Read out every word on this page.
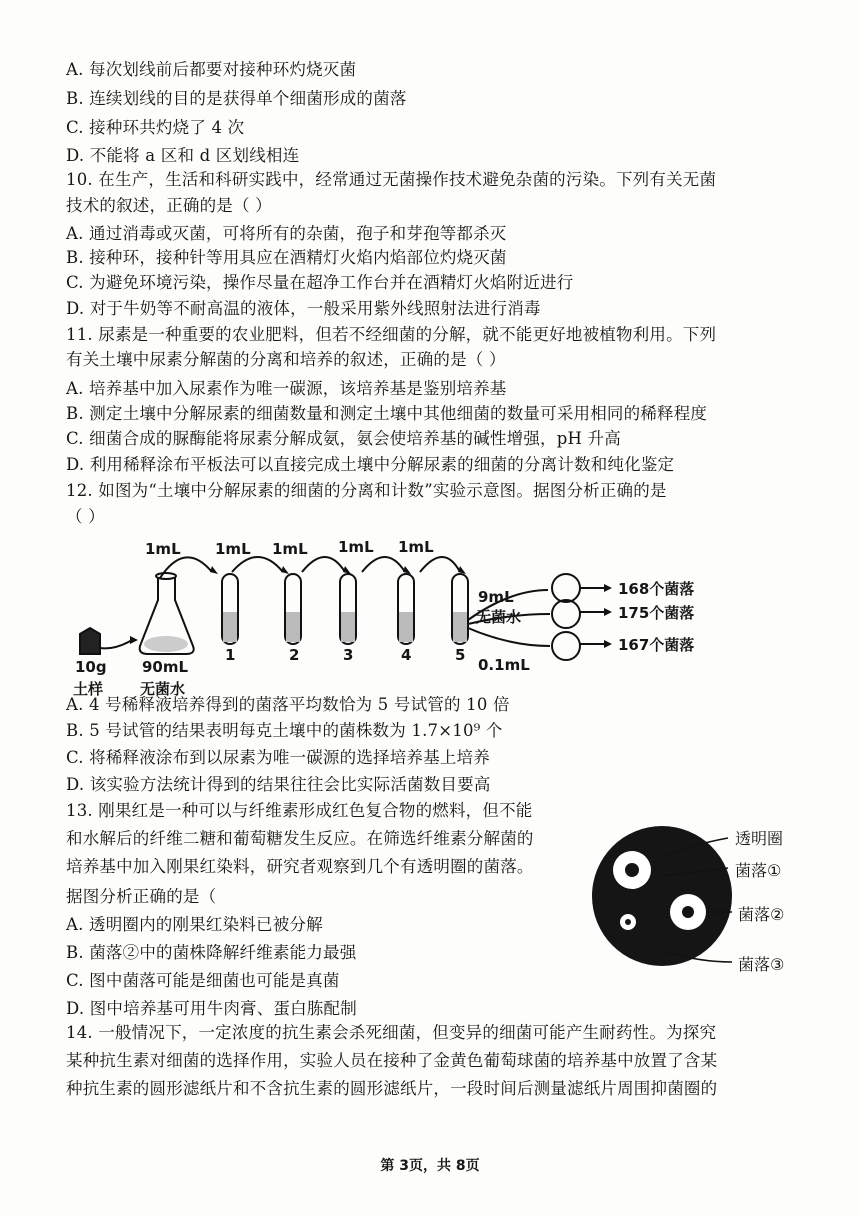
A. 每次划线前后都要对接种环灼烧灭菌
B. 连续划线的目的是获得单个细菌形成的菌落
C. 接种环共灼烧了 4 次
D. 不能将 a 区和 d 区划线相连
10. 在生产，生活和科研实践中，经常通过无菌操作技术避免杂菌的污染。下列有关无菌
技术的叙述，正确的是（ ）
A. 通过消毒或灭菌，可将所有的杂菌，孢子和芽孢等都杀灭
B. 接种环，接种针等用具应在酒精灯火焰内焰部位灼烧灭菌
C. 为避免环境污染，操作尽量在超净工作台并在酒精灯火焰附近进行
D. 对于牛奶等不耐高温的液体，一般采用紫外线照射法进行消毒
11. 尿素是一种重要的农业肥料，但若不经细菌的分解，就不能更好地被植物利用。下列
有关土壤中尿素分解菌的分离和培养的叙述，正确的是（ ）
A. 培养基中加入尿素作为唯一碳源，该培养基是鉴别培养基
B. 测定土壤中分解尿素的细菌数量和测定土壤中其他细菌的数量可采用相同的稀释程度
C. 细菌合成的脲酶能将尿素分解成氨，氨会使培养基的碱性增强，pH 升高
D. 利用稀释涂布平板法可以直接完成土壤中分解尿素的细菌的分离计数和纯化鉴定
12. 如图为“土壤中分解尿素的细菌的分离和计数”实验示意图。据图分析正确的是
（ ）
1mL 1mL 1mL 1mL 1mL
10g
土样
90mL
无菌水
1	2	3	4	5
9mL
无菌水
0.1mL
168个菌落
175个菌落
167个菌落
A. 4 号稀释液培养得到的菌落平均数恰为 5 号试管的 10 倍
B. 5 号试管的结果表明每克土壤中的菌株数为 1.7×10⁹ 个
C. 将稀释液涂布到以尿素为唯一碳源的选择培养基上培养
D. 该实验方法统计得到的结果往往会比实际活菌数目要高
13. 刚果红是一种可以与纤维素形成红色复合物的燃料，但不能
和水解后的纤维二糖和葡萄糖发生反应。在筛选纤维素分解菌的
培养基中加入刚果红染料，研究者观察到几个有透明圈的菌落。
据图分析正确的是（
A. 透明圈内的刚果红染料已被分解
B. 菌落②中的菌株降解纤维素能力最强
C. 图中菌落可能是细菌也可能是真菌
D. 图中培养基可用牛肉膏、蛋白胨配制
14. 一般情况下，一定浓度的抗生素会杀死细菌，但变异的细菌可能产生耐药性。为探究
某种抗生素对细菌的选择作用，实验人员在接种了金黄色葡萄球菌的培养基中放置了含某
种抗生素的圆形滤纸片和不含抗生素的圆形滤纸片，一段时间后测量滤纸片周围抑菌圈的
透明圈
菌落①
菌落②
菌落③
第 3页，共 8页
